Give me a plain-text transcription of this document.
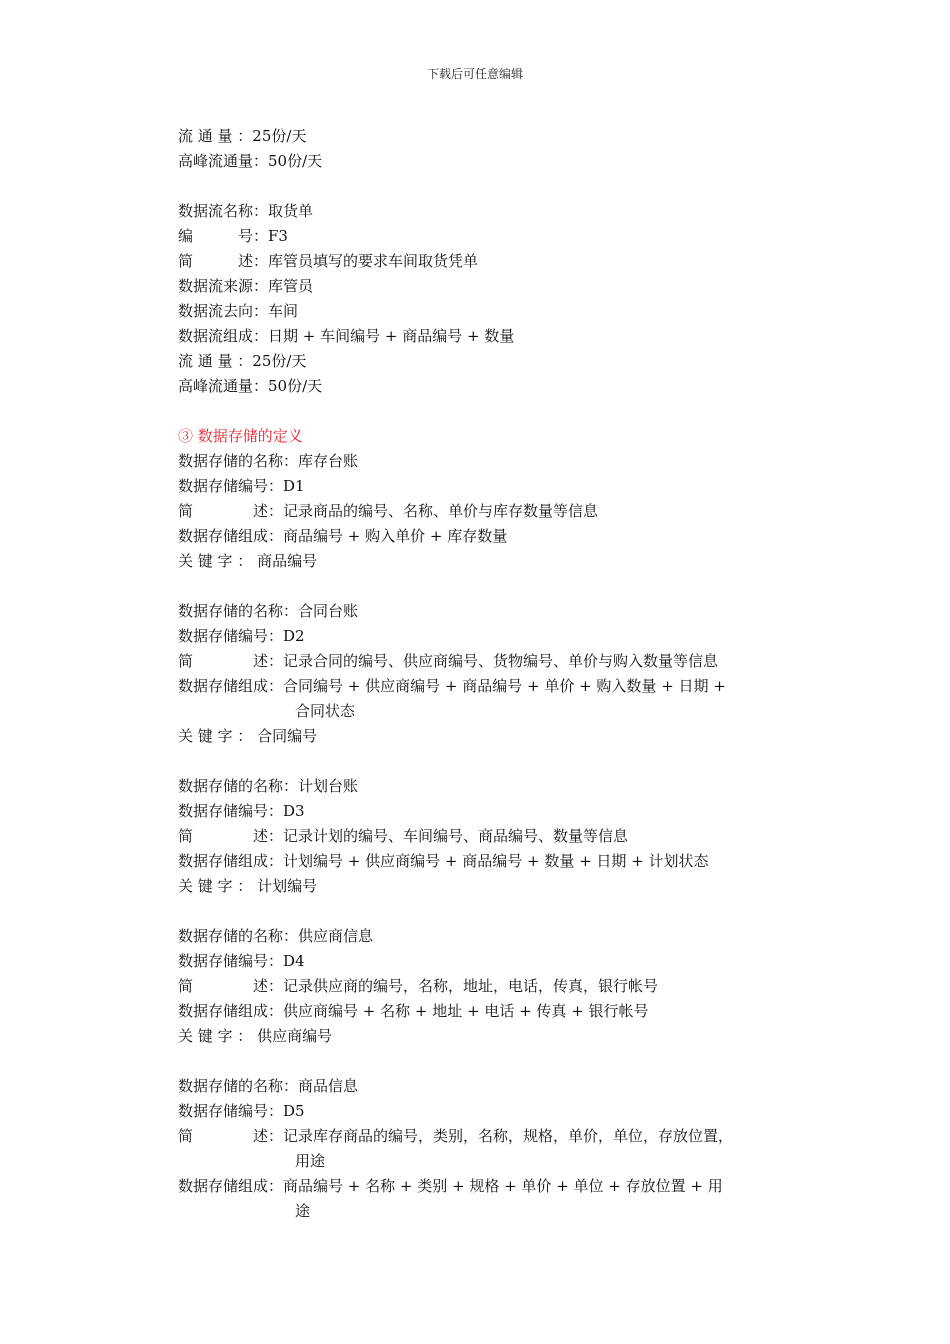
下载后可任意编辑
流 通 量 ：25份/天
高峰流通量：50份/天
数据流名称：取货单
编　　　号：F3
简　　　述：库管员填写的要求车间取货凭单
数据流来源：库管员
数据流去向：车间
数据流组成：日期 + 车间编号 + 商品编号 + 数量
流 通 量 ：25份/天
高峰流通量：50份/天
③ 数据存储的定义
数据存储的名称：库存台账
数据存储编号：D1
简　　　　述：记录商品的编号、名称、单价与库存数量等信息
数据存储组成：商品编号 + 购入单价 + 库存数量
关 键 字 ： 商品编号
数据存储的名称：合同台账
数据存储编号：D2
简　　　　述：记录合同的编号、供应商编号、货物编号、单价与购入数量等信息
数据存储组成：合同编号 + 供应商编号 + 商品编号 + 单价 + 购入数量 + 日期 +
合同状态
关 键 字 ： 合同编号
数据存储的名称：计划台账
数据存储编号：D3
简　　　　述：记录计划的编号、车间编号、商品编号、数量等信息
数据存储组成：计划编号 + 供应商编号 + 商品编号 + 数量 + 日期 + 计划状态
关 键 字 ： 计划编号
数据存储的名称：供应商信息
数据存储编号：D4
简　　　　述：记录供应商的编号，名称，地址，电话，传真，银行帐号
数据存储组成：供应商编号 + 名称 + 地址 + 电话 + 传真 + 银行帐号
关 键 字 ： 供应商编号
数据存储的名称：商品信息
数据存储编号：D5
简　　　　述：记录库存商品的编号，类别，名称，规格，单价，单位，存放位置，
用途
数据存储组成：商品编号 + 名称 + 类别 + 规格 + 单价 + 单位 + 存放位置 + 用
途
